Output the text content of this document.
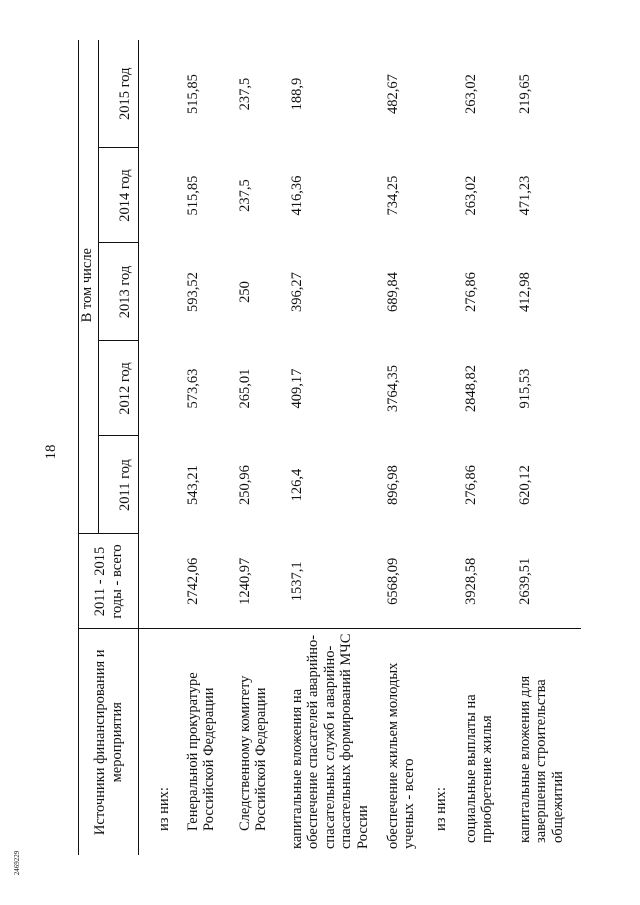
18
2469229
Источники финансирования и мероприятия	2011 - 2015 годы - всего	В том числе				
		2011 год	2012 год	2013 год	2014 год	2015 год
из них:						
Генеральной прокуратуре Российской Федерации	2742,06	543,21	573,63	593,52	515,85	515,85
Следственному комитету Российской Федерации	1240,97	250,96	265,01	250	237,5	237,5
капитальные вложения на обеспечение спасателей аварийно-спасательных служб и аварийно-спасательных формирований МЧС России	1537,1	126,4	409,17	396,27	416,36	188,9
обеспечение жильем молодых ученых - всего	6568,09	896,98	3764,35	689,84	734,25	482,67
из них:						
социальные выплаты на приобретение жилья	3928,58	276,86	2848,82	276,86	263,02	263,02
капитальные вложения для завершения строительства общежитий	2639,51	620,12	915,53	412,98	471,23	219,65
